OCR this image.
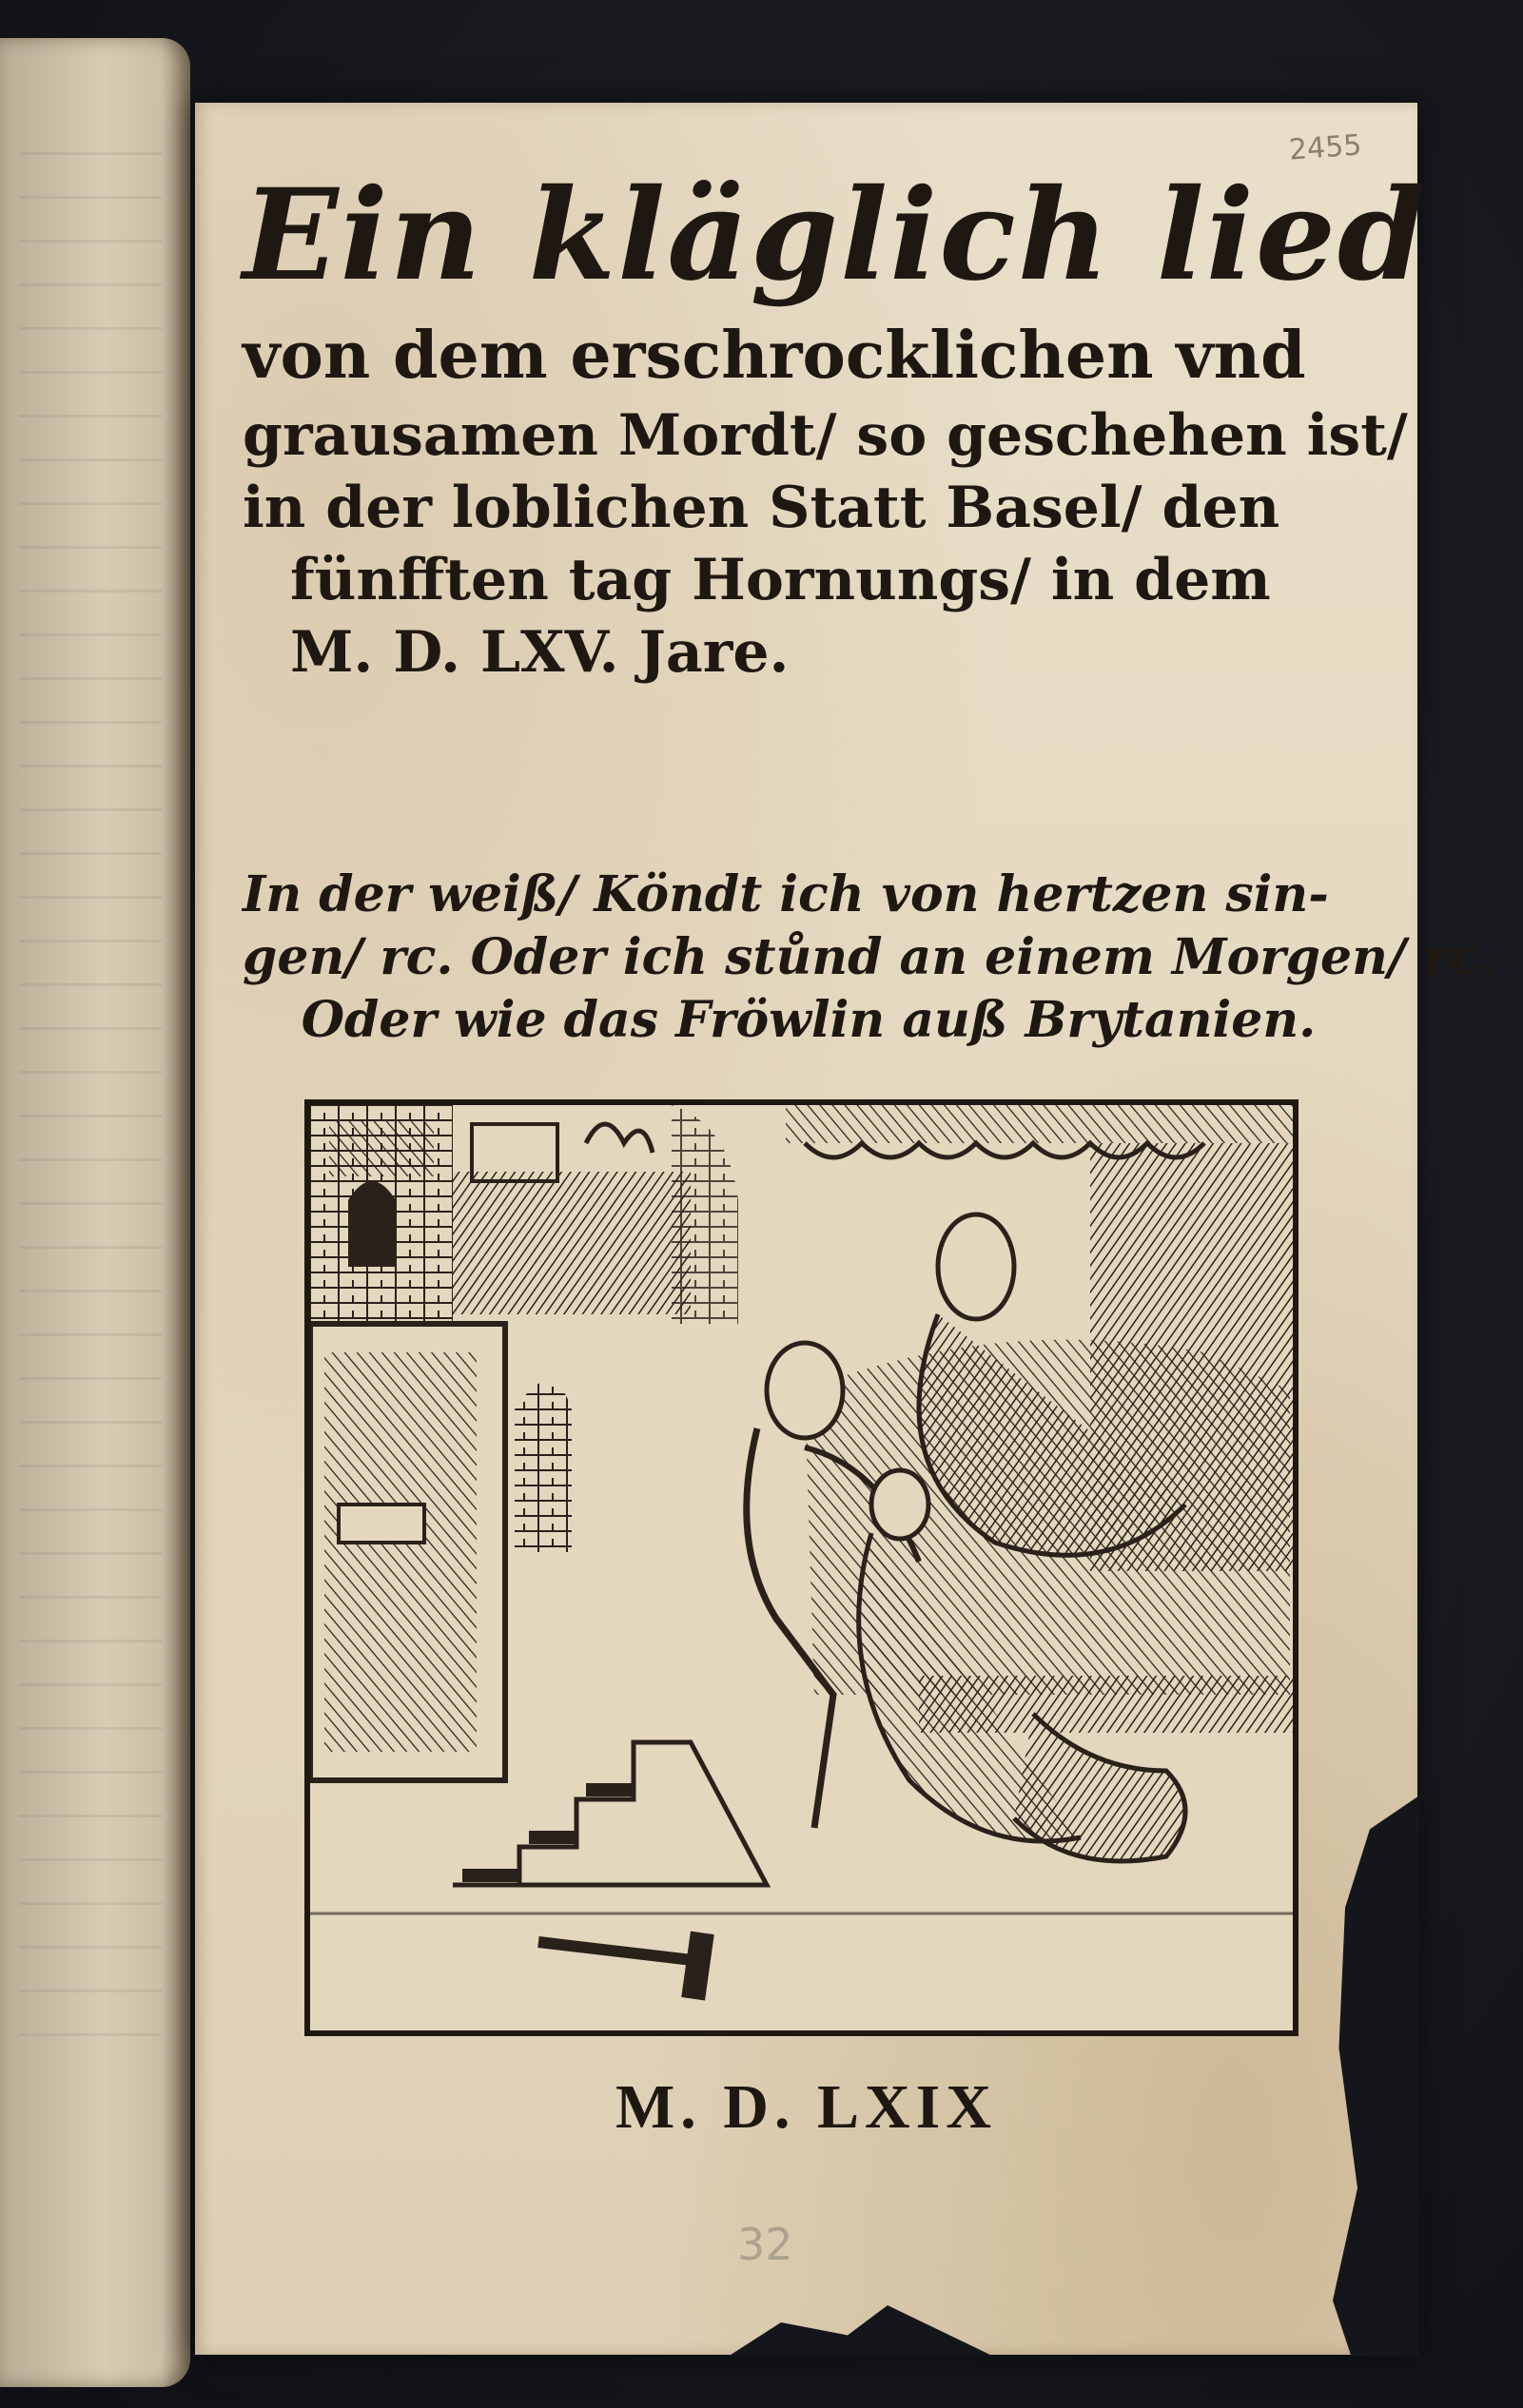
2455
Ein kläglich lied
von dem erschrocklichen vnd
grausamen Mordt/ so geschehen ist/
in der loblichen Statt Basel/ den
fünfften tag Hornungs/ in dem
M. D. LXV. Jare.
In der weiß/ Köndt ich von hertzen sin-
gen/ rc. Oder ich stůnd an einem Morgen/ rc.
Oder wie das Fröwlin auß Brytanien.
M. D. LXIX
32
